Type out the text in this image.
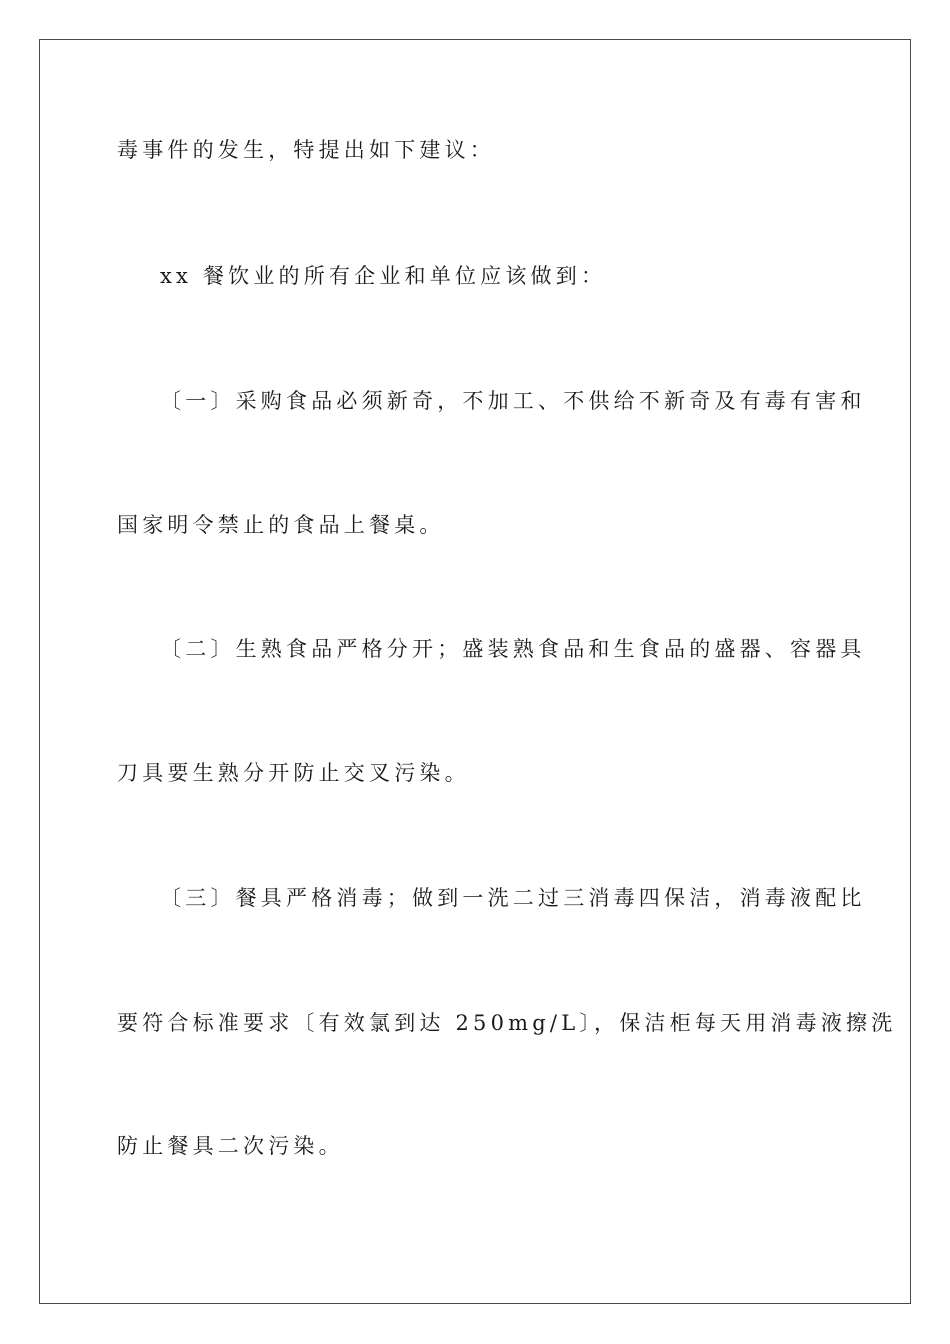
毒事件的发生，特提出如下建议：
xx 餐饮业的所有企业和单位应该做到：
〔一〕采购食品必须新奇，不加工、不供给不新奇及有毒有害和
国家明令禁止的食品上餐桌。
〔二〕生熟食品严格分开；盛装熟食品和生食品的盛器、容器具
刀具要生熟分开防止交叉污染。
〔三〕餐具严格消毒；做到一洗二过三消毒四保洁，消毒液配比
要符合标准要求〔有效氯到达 250mg/L〕，保洁柜每天用消毒液擦洗
防止餐具二次污染。
